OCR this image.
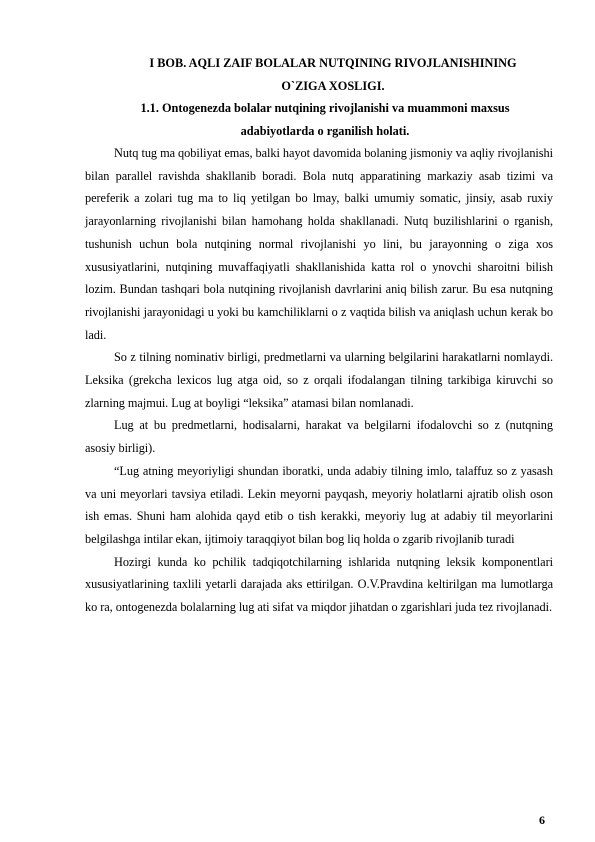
I BOB. AQLI ZAIF BOLALAR NUTQINING RIVOJLANISHINING

O`ZIGA XOSLIGI.

1.1. Ontogenezda bolalar nutqining rivojlanishi va muammoni maxsus

adabiyotlarda o rganilish holati.

Nutq tug ma qobiliyat emas, balki hayot davomida bolaning jismoniy va aqliy rivojlanishi bilan parallel ravishda shakllanib boradi. Bola nutq apparatining markaziy asab tizimi va pereferik a zolari tug ma to liq yetilgan bo lmay, balki umumiy somatic, jinsiy, asab ruxiy jarayonlarning rivojlanishi bilan hamohang holda shakllanadi. Nutq buzilishlarini o rganish, tushunish uchun bola nutqining normal rivojlanishi yo lini, bu jarayonning o ziga xos xususiyatlarini, nutqining muvaffaqiyatli shakllanishida katta rol o ynovchi sharoitni bilish lozim. Bundan tashqari bola nutqining rivojlanish davrlarini aniq bilish zarur. Bu esa nutqning rivojlanishi jarayonidagi u yoki bu kamchiliklarni o z vaqtida bilish va aniqlash uchun kerak bo ladi.

So z tilning nominativ birligi, predmetlarni va ularning belgilarini harakatlarni nomlaydi. Leksika (grekcha lexicos lug atga oid, so z orqali ifodalangan tilning tarkibiga kiruvchi so zlarning majmui. Lug at boyligi “leksika” atamasi bilan nomlanadi.

Lug at bu predmetlarni, hodisalarni, harakat va belgilarni ifodalovchi so z (nutqning asosiy birligi).

“Lug atning meyoriyligi shundan iboratki, unda adabiy tilning imlo, talaffuz so z yasash va uni meyorlari tavsiya etiladi. Lekin meyorni payqash, meyoriy holatlarni ajratib olish oson ish emas. Shuni ham alohida qayd etib o tish kerakki, meyoriy lug at adabiy til meyorlarini belgilashga intilar ekan, ijtimoiy taraqqiyot bilan bog liq holda o zgarib rivojlanib turadi

Hozirgi kunda ko pchilik tadqiqotchilarning ishlarida nutqning leksik komponentlari xususiyatlarining taxlili yetarli darajada aks ettirilgan. O.V.Pravdina keltirilgan ma lumotlarga ko ra, ontogenezda bolalarning lug ati sifat va miqdor jihatdan o zgarishlari juda tez rivojlanadi.

6
